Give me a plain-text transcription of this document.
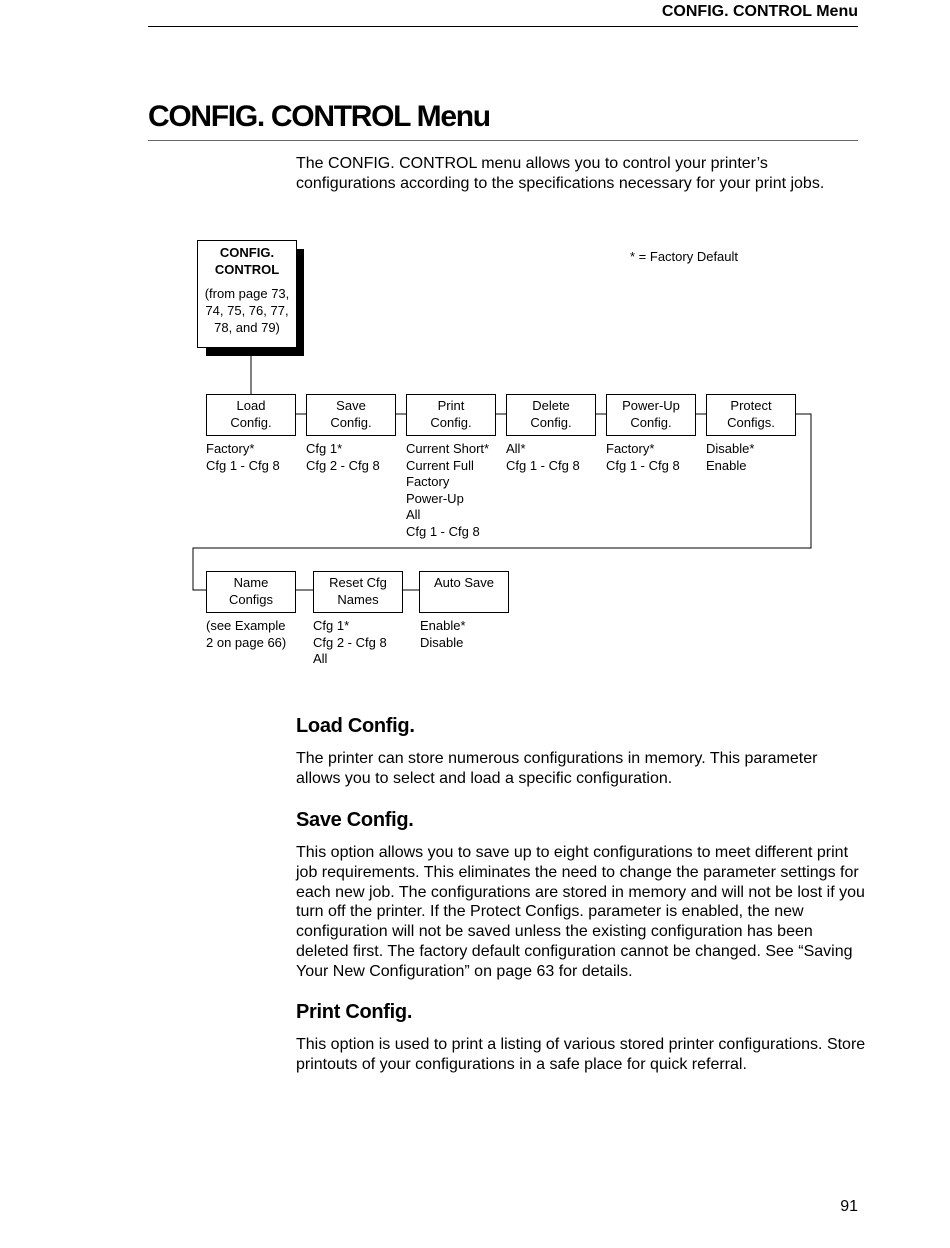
CONFIG. CONTROL Menu
CONFIG. CONTROL Menu

The CONFIG. CONTROL menu allows you to control your printer’s configurations according to the specifications necessary for your print jobs.

CONFIG.
CONTROL
(from page 73,
74, 75, 76, 77,
78, and 79)
* = Factory Default
Load
Config.
Save
Config.
Print
Config.
Delete
Config.
Power-Up
Config.
Protect
Configs.
Factory*
Cfg 1 - Cfg 8
Cfg 1*
Cfg 2 - Cfg 8
Current Short*
Current Full
Factory
Power-Up
All
Cfg 1 - Cfg 8
All*
Cfg 1 - Cfg 8
Factory*
Cfg 1 - Cfg 8
Disable*
Enable
Name
Configs
Reset Cfg
Names
Auto Save
(see Example
2 on page 66)
Cfg 1*
Cfg 2 - Cfg 8
All
Enable*
Disable
Load Config.

The printer can store numerous configurations in memory. This parameter allows you to select and load a specific configuration.

Save Config.

This option allows you to save up to eight configurations to meet different print job requirements. This eliminates the need to change the parameter settings for each new job. The configurations are stored in memory and will not be lost if you turn off the printer. If the Protect Configs. parameter is enabled, the new configuration will not be saved unless the existing configuration has been deleted first. The factory default configuration cannot be changed. See “Saving Your New Configuration” on page 63 for details.

Print Config.

This option is used to print a listing of various stored printer configurations. Store printouts of your configurations in a safe place for quick referral.

91
